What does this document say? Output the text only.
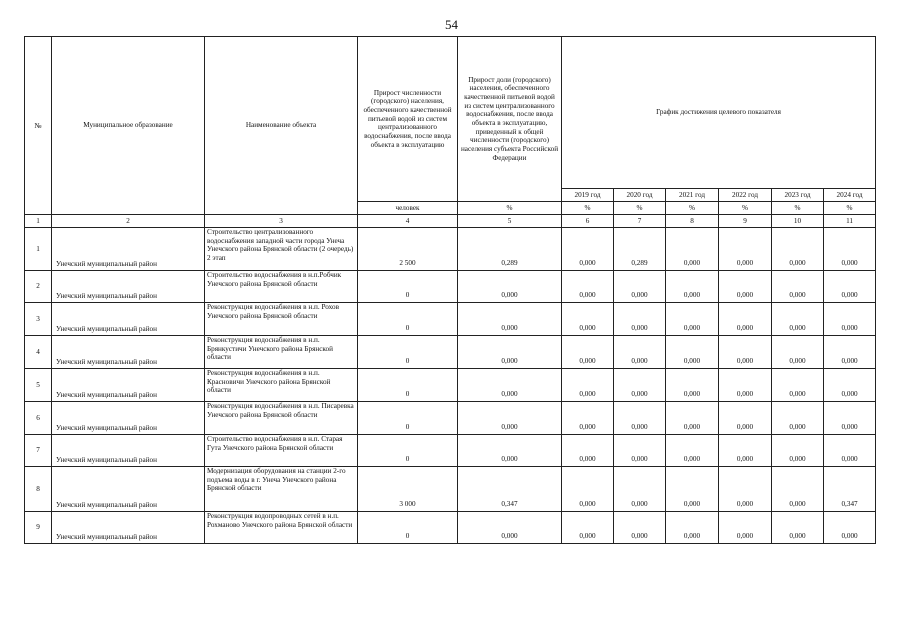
54
№	Муниципальное образование	Наименование объекта	Прирост численности (городского) населения, обеспеченного качественной питьевой водой из систем централизованного водоснабжения, после ввода объекта в эксплуатацию	Прирост доли (городского) населения, обеспеченного качественной питьевой водой из систем централизованного водоснабжения, после ввода объекта в эксплуатацию, приведенный к общей численности (городского) населения субъекта Российской Федерации	График достижения целевого показателя					
					2019 год	2020 год	2021 год	2022 год	2023 год	2024 год
			человек	%	%	%	%	%	%	%
1	2	3	4	5	6	7	8	9	10	11
1	Унечский муниципальный район	Строительство централизованного водоснабжения западной части города Унеча Унечского района Брянской области (2 очередь) 2 этап	2 500	0,289	0,000	0,289	0,000	0,000	0,000	0,000
2	Унечский муниципальный район	Строительство водоснабжения в н.п.Робчик Унечского района Брянской области	0	0,000	0,000	0,000	0,000	0,000	0,000	0,000
3	Унечский муниципальный район	Реконструкция водоснабжения в н.п. Рохов Унечского района Брянской области	0	0,000	0,000	0,000	0,000	0,000	0,000	0,000
4	Унечский муниципальный район	Реконструкция водоснабжения в н.п. Брянкустичи Унечского района Брянской области	0	0,000	0,000	0,000	0,000	0,000	0,000	0,000
5	Унечский муниципальный район	Реконструкция водоснабжения в н.п. Красновичи Унечского района Брянской области	0	0,000	0,000	0,000	0,000	0,000	0,000	0,000
6	Унечский муниципальный район	Реконструкция водоснабжения в н.п. Писаревка Унечского района Брянской области	0	0,000	0,000	0,000	0,000	0,000	0,000	0,000
7	Унечский муниципальный район	Строительство водоснабжения в н.п. Старая Гута Унечского района Брянской области	0	0,000	0,000	0,000	0,000	0,000	0,000	0,000
8	Унечский муниципальный район	Модернизация оборудования на станции 2-го подъема воды в г. Унеча Унечского района Брянской области	3 000	0,347	0,000	0,000	0,000	0,000	0,000	0,347
9	Унечский муниципальный район	Реконструкция водопроводных сетей в н.п. Рохманово Унечского района Брянской области	0	0,000	0,000	0,000	0,000	0,000	0,000	0,000
